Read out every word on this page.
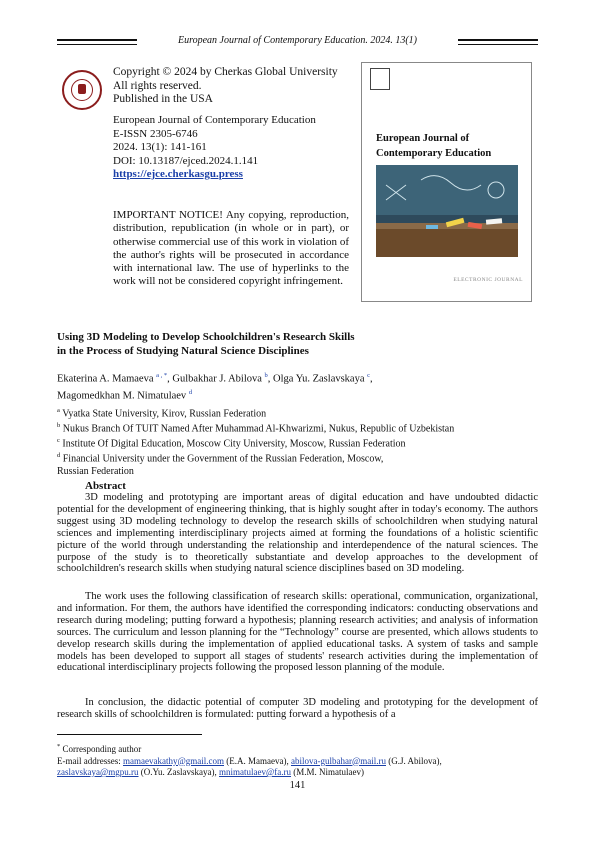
European Journal of Contemporary Education. 2024. 13(1)
Copyright © 2024 by Cherkas Global University
All rights reserved.
Published in the USA
European Journal of Contemporary Education
E-ISSN 2305-6746
2024. 13(1): 141-161
DOI: 10.13187/ejced.2024.1.141
https://ejce.cherkasgu.press
IMPORTANT NOTICE! Any copying, reproduction, distribution, republication (in whole or in part), or otherwise commercial use of this work in violation of the author's rights will be prosecuted in accordance with international law. The use of hyperlinks to the work will not be considered copyright infringement.
European Journal of
Contemporary Education
ELECTRONIC JOURNAL
Using 3D Modeling to Develop Schoolchildren's Research Skills
in the Process of Studying Natural Science Disciplines
Ekaterina A. Mamaeva $^{a , *}$, Gulbakhar J. Abilova $^b$, Olga Yu. Zaslavskaya $^c$,
Magomedkhan M. Nimatulaev $^d$
$^a$ Vyatka State University, Kirov, Russian Federation
$^b$ Nukus Branch Of TUIT Named After Muhammad Al-Khwarizmi, Nukus, Republic of Uzbekistan
$^c$ Institute Of Digital Education, Moscow City University, Moscow, Russian Federation
$^d$ Financial University under the Government of the Russian Federation, Moscow,
Russian Federation
Abstract
3D modeling and prototyping are important areas of digital education and have undoubted didactic potential for the development of engineering thinking, that is highly sought after in today's economy. The authors suggest using 3D modeling technology to develop the research skills of schoolchildren when studying natural sciences and implementing interdisciplinary projects aimed at forming the foundations of a holistic scientific picture of the world through understanding the relationship and interdependence of the natural sciences. The purpose of the study is to theoretically substantiate and develop approaches to the development of schoolchildren's research skills when studying natural science disciplines based on 3D modeling.
The work uses the following classification of research skills: operational, communication, organizational, and information. For them, the authors have identified the corresponding indicators: conducting observations and research during modeling; putting forward a hypothesis; planning research activities; and analysis of information sources. The curriculum and lesson planning for the “Technology” course are presented, which allows students to develop research skills during the implementation of applied educational tasks. A system of tasks and sample models has been developed to support all stages of students' research activities during the implementation of educational interdisciplinary projects following the proposed lesson planning of the module.
In conclusion, the didactic potential of computer 3D modeling and prototyping for the development of research skills of schoolchildren is formulated: putting forward a hypothesis of a
* Corresponding author
E-mail addresses: mamaevakathy@gmail.com (E.A. Mamaeva), abilova-gulbahar@mail.ru (G.J. Abilova),
zaslavskaya@mgpu.ru (O.Yu. Zaslavskaya), mnimatulaev@fa.ru (M.M. Nimatulaev)
141
